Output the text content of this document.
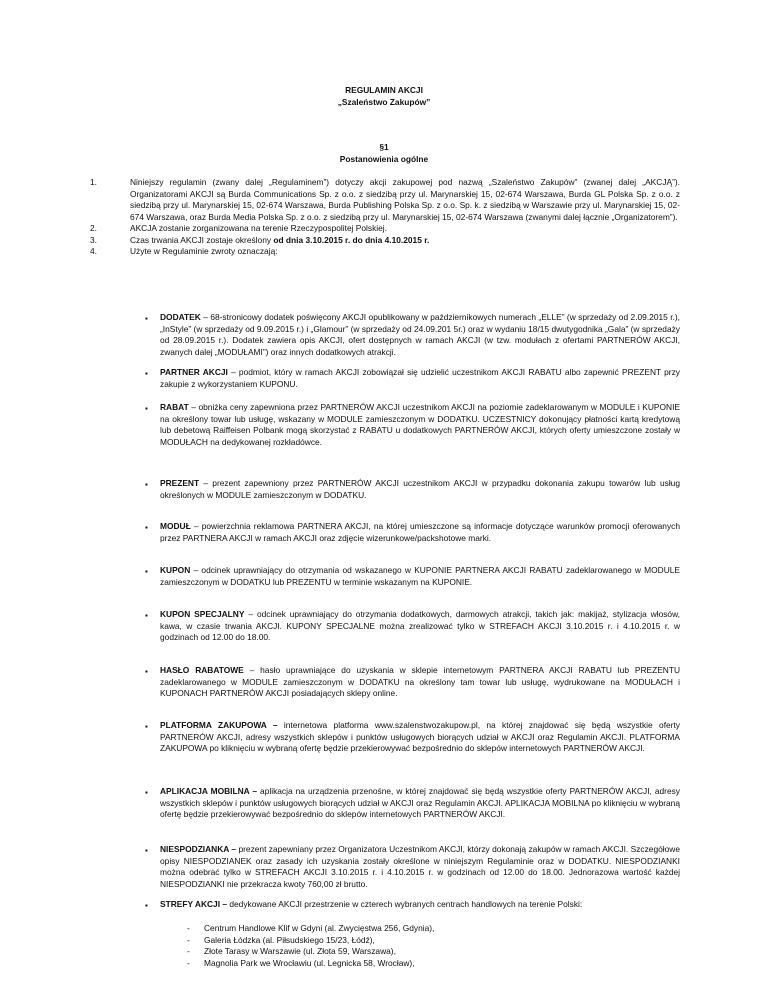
REGULAMIN AKCJI
„Szaleństwo Zakupów”
§1
Postanowienia ogólne
1.	Niniejszy regulamin (zwany dalej „Regulaminem”) dotyczy akcji zakupowej pod nazwą „Szaleństwo Zakupów” (zwanej dalej „AKCJĄ”). Organizatorami AKCJI są Burda Communications Sp. z o.o. z siedzibą przy ul. Marynarskiej 15, 02-674 Warszawa, Burda GL Polska Sp. z o.o. z siedzibą przy ul. Marynarskiej 15, 02-674 Warszawa, Burda Publishing Polska Sp. z o.o. Sp. k. z siedzibą w Warszawie przy ul. Marynarskiej 15, 02-674 Warszawa, oraz Burda Media Polska Sp. z o.o. z siedzibą przy ul. Marynarskiej 15, 02-674 Warszawa (zwanymi dalej łącznie „Organizatorem”).
2.	AKCJA zostanie zorganizowana na terenie Rzeczypospolitej Polskiej.
3.	Czas trwania AKCJI zostaje określony od dnia 3.10.2015 r. do dnia 4.10.2015 r.
4.	Użyte w Regulaminie zwroty oznaczają:
▪ DODATEK – 68-stronicowy dodatek poświęcony AKCJI opublikowany w październikowych numerach „ELLE” (w sprzedaży od 2.09.2015 r.), „InStyle” (w sprzedaży od 9.09.2015 r.) i „Glamour” (w sprzedaży od 24.09.201 5r.) oraz w wydaniu 18/15 dwutygodnika „Gala” (w sprzedaży od 28.09.2015 r.). Dodatek zawiera opis AKCJI, ofert dostępnych w ramach AKCJI (w tzw. modułach z ofertami PARTNERÓW AKCJI, zwanych dalej „MODUŁAMI”) oraz innych dodatkowych atrakcji.
▪ PARTNER AKCJI – podmiot, który w ramach AKCJI zobowiązał się udzielić uczestnikom AKCJI RABATU albo zapewnić PREZENT przy zakupie z wykorzystaniem KUPONU.
▪ RABAT – obniżka ceny zapewniona przez PARTNERÓW AKCJI uczestnikom AKCJI na poziomie zadeklarowanym w MODULE i KUPONIE na określony towar lub usługę, wskazany w MODULE zamieszczonym w DODATKU. UCZESTNICY dokonujący płatności kartą kredytową lub debetową Raiffeisen Polbank mogą skorzystać z RABATU u dodatkowych PARTNERÓW AKCJI, których oferty umieszczone zostały w MODUŁACH na dedykowanej rozkładówce.
▪ PREZENT – prezent zapewniony przez PARTNERÓW AKCJI uczestnikom AKCJI w przypadku dokonania zakupu towarów lub usług określonych w MODULE zamieszczonym w DODATKU.
▪ MODUŁ – powierzchnia reklamowa PARTNERA AKCJI, na której umieszczone są informacje dotyczące warunków promocji oferowanych przez PARTNERA AKCJI w ramach AKCJI oraz zdjęcie wizerunkowe/packshotowe marki.
▪ KUPON – odcinek uprawniający do otrzymania od wskazanego w KUPONIE PARTNERA AKCJI RABATU zadeklarowanego w MODULE zamieszczonym w DODATKU lub PREZENTU w terminie wskazanym na KUPONIE.
▪ KUPON SPECJALNY – odcinek uprawniający do otrzymania dodatkowych, darmowych atrakcji, takich jak: makijaż, stylizacja włosów, kawa, w czasie trwania AKCJI. KUPONY SPECJALNE można zrealizować tylko w STREFACH AKCJI 3.10.2015 r. i 4.10.2015 r. w godzinach od 12.00 do 18.00.
▪ HASŁO RABATOWE – hasło uprawniające do uzyskania w sklepie internetowym PARTNERA AKCJI RABATU lub PREZENTU zadeklarowanego w MODULE zamieszczonym w DODATKU na określony tam towar lub usługę, wydrukowane na MODUŁACH i KUPONACH PARTNERÓW AKCJI posiadających sklepy online.
▪ PLATFORMA ZAKUPOWA – internetowa platforma www.szalenstwozakupow.pl, na której znajdować się będą wszystkie oferty PARTNERÓW AKCJI, adresy wszystkich sklepów i punktów usługowych biorących udział w AKCJI oraz Regulamin AKCJI. PLATFORMA ZAKUPOWA po kliknięciu w wybraną ofertę będzie przekierowywać bezpośrednio do sklepów internetowych PARTNERÓW AKCJI.
▪ APLIKACJA MOBILNA – aplikacja na urządzenia przenośne, w której znajdować się będą wszystkie oferty PARTNERÓW AKCJI, adresy wszystkich sklepów i punktów usługowych biorących udział w AKCJI oraz Regulamin AKCJI. APLIKACJA MOBILNA po kliknięciu w wybraną ofertę będzie przekierowywać bezpośrednio do sklepów internetowych PARTNERÓW AKCJI.
▪ NIESPODZIANKA – prezent zapewniany przez Organizatora Uczestnikom AKCJI, którzy dokonają zakupów w ramach AKCJI. Szczegółowe opisy NIESPODZIANEK oraz zasady ich uzyskania zostały określone w niniejszym Regulaminie oraz w DODATKU. NIESPODZIANKI można odebrać tylko w STREFACH AKCJI 3.10.2015 r. i 4.10.2015 r. w godzinach od 12.00 do 18.00. Jednorazowa wartość każdej NIESPODZIANKI nie przekracza kwoty 760,00 zł brutto.
▪ STREFY AKCJI – dedykowane AKCJI przestrzenie w czterech wybranych centrach handlowych na terenie Polski:
- Centrum Handlowe Klif w Gdyni (al. Zwycięstwa 256, Gdynia),
- Galeria Łódzka (al. Piłsudskiego 15/23, Łódź),
- Złote Tarasy w Warszawie (ul. Złota 59, Warszawa),
- Magnolia Park we Wrocławiu (ul. Legnicka 58, Wrocław),
